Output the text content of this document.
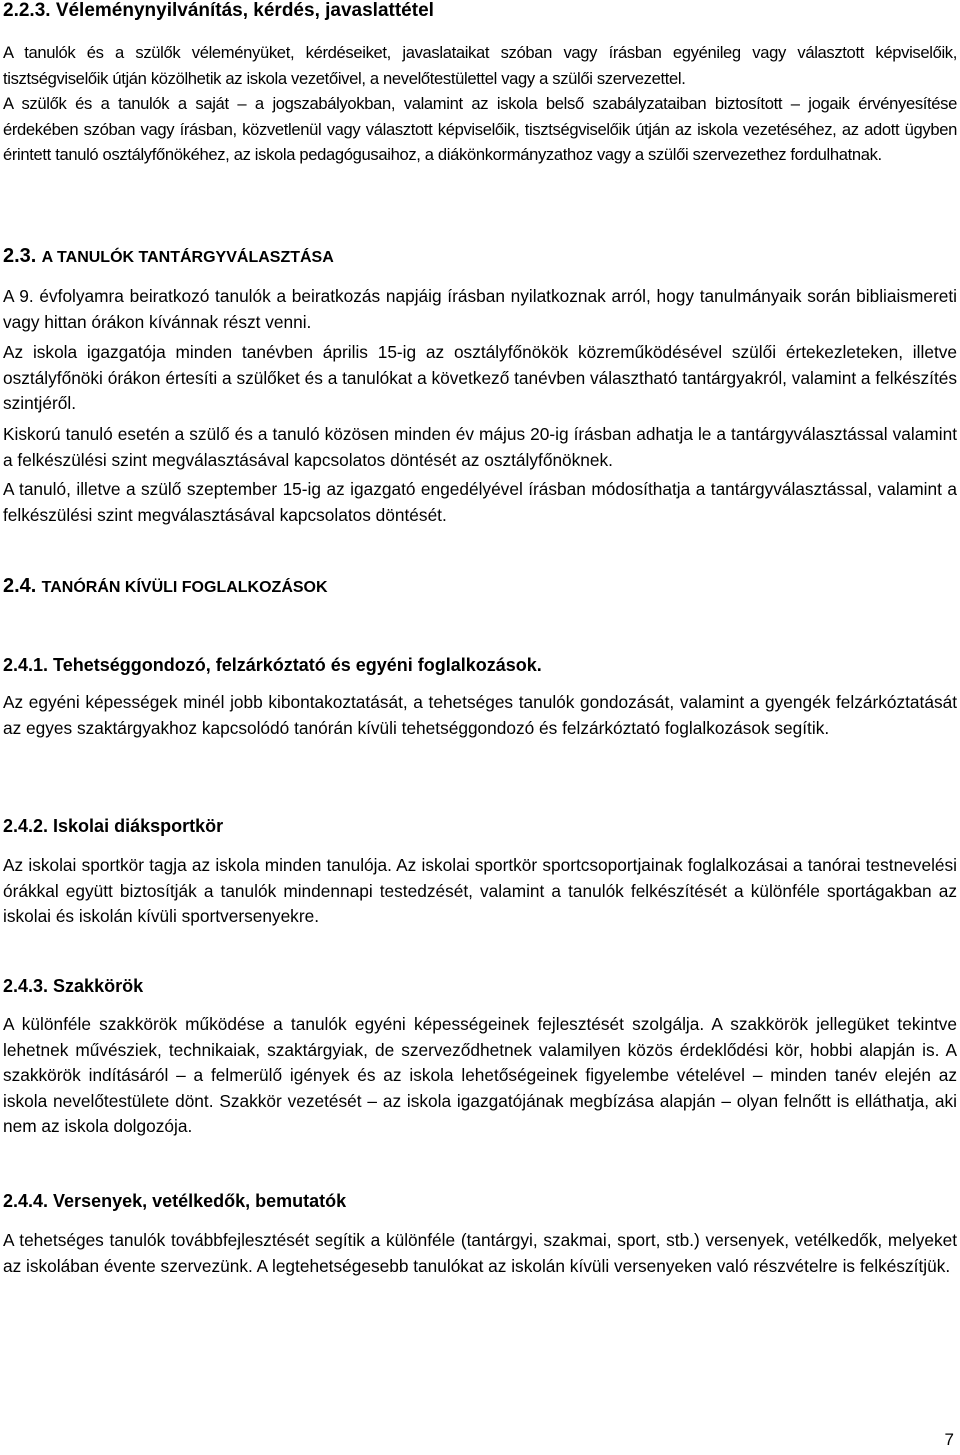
2.2.3. Véleménynyilvánítás, kérdés, javaslattétel

A tanulók és a szülők véleményüket, kérdéseiket, javaslataikat szóban vagy írásban egyénileg vagy választott képviselőik, tisztségviselőik útján közölhetik az iskola vezetőivel, a nevelőtestülettel vagy a szülői szervezettel.

A szülők és a tanulók a saját – a jogszabályokban, valamint az iskola belső szabályzataiban biztosított – jogaik érvényesítése érdekében szóban vagy írásban, közvetlenül vagy választott képviselőik, tisztségviselőik útján az iskola vezetéséhez, az adott ügyben érintett tanuló osztályfőnökéhez, az iskola pedagógusaihoz, a diákönkormányzathoz vagy a szülői szervezethez fordulhatnak.

2.3. A TANULÓK TANTÁRGYVÁLASZTÁSA

A 9. évfolyamra beiratkozó tanulók a beiratkozás napjáig írásban nyilatkoznak arról, hogy tanulmányaik során bibliaismereti vagy hittan órákon kívánnak részt venni.

Az iskola igazgatója minden tanévben április 15-ig az osztályfőnökök közreműködésével szülői értekezleteken, illetve osztályfőnöki órákon értesíti a szülőket és a tanulókat a következő tanévben választható tantárgyakról, valamint a felkészítés szintjéről.

Kiskorú tanuló esetén a szülő és a tanuló közösen minden év május 20-ig írásban adhatja le a tantárgyválasztással valamint a felkészülési szint megválasztásával kapcsolatos döntését az osztályfőnöknek.

A tanuló, illetve a szülő szeptember 15-ig az igazgató engedélyével írásban módosíthatja a tantárgyválasztással, valamint a felkészülési szint megválasztásával kapcsolatos döntését.

2.4. TANÓRÁN KÍVÜLI FOGLALKOZÁSOK
2.4.1. Tehetséggondozó, felzárkóztató és egyéni foglalkozások.

Az egyéni képességek minél jobb kibontakoztatását, a tehetséges tanulók gondozását, valamint a gyengék felzárkóztatását az egyes szaktárgyakhoz kapcsolódó tanórán kívüli tehetséggondozó és felzárkóztató foglalkozások segítik.

2.4.2. Iskolai diáksportkör

Az iskolai sportkör tagja az iskola minden tanulója. Az iskolai sportkör sportcsoportjainak foglalkozásai a tanórai testnevelési órákkal együtt biztosítják a tanulók mindennapi testedzését, valamint a tanulók felkészítését a különféle sportágakban az iskolai és iskolán kívüli sportversenyekre.

2.4.3. Szakkörök

A különféle szakkörök működése a tanulók egyéni képességeinek fejlesztését szolgálja. A szakkörök jellegüket tekintve lehetnek művésziek, technikaiak, szaktárgyiak, de szerveződhetnek valamilyen közös érdeklődési kör, hobbi alapján is. A szakkörök indításáról – a felmerülő igények és az iskola lehetőségeinek figyelembe vételével – minden tanév elején az iskola nevelőtestülete dönt. Szakkör vezetését – az iskola igazgatójának megbízása alapján – olyan felnőtt is elláthatja, aki nem az iskola dolgozója.

2.4.4. Versenyek, vetélkedők, bemutatók

A tehetséges tanulók továbbfejlesztését segítik a különféle (tantárgyi, szakmai, sport, stb.) versenyek, vetélkedők, melyeket az iskolában évente szervezünk. A legtehetségesebb tanulókat az iskolán kívüli versenyeken való részvételre is felkészítjük.

7
